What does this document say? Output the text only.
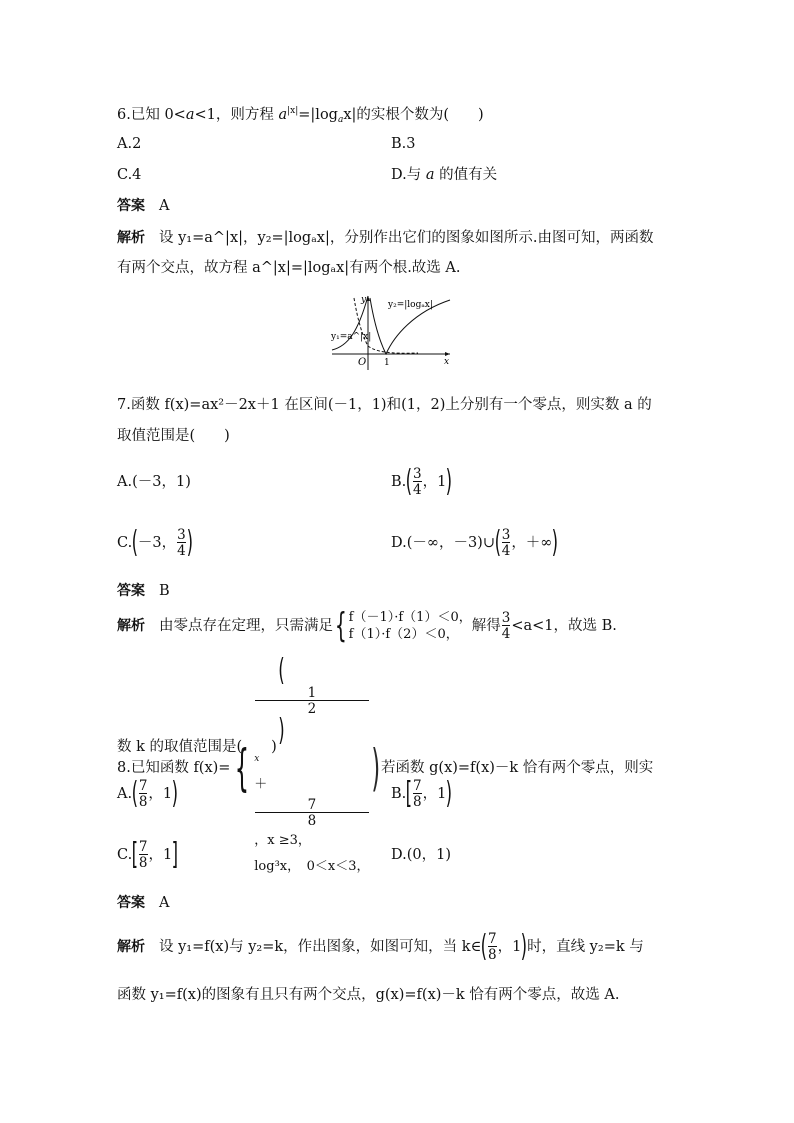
6.已知 0<a<1，则方程 $a^{|x|}=|\log_ax|$的实根个数为(　　)
A.2	B.3
C.4	D.与 a 的值有关
答案 A
解析 设 y₁=a^|x|，y₂=|logₐx|，分别作出它们的图象如图所示.由图可知，两函数
有两个交点，故方程 a^|x|=|logₐx|有两个根.故选 A.
y₂=|logₐx|
y₁=a^|x|
y
x
O 1
7.函数 f(x)=ax²－2x＋1 在区间(－1，1)和(1，2)上分别有一个零点，则实数 a 的
取值范围是(　　)
A.(－3，1)	$B.( \frac{3}{4}$ ，1)
C.(－3， $\frac{3}{4}$ )	D.(－∞，－3)∪( $\frac{3}{4}$ ，＋∞)
答案 B
解析 由零点存在定理，只需满足{ f（－1）·f（1）＜0，
f（1）·f（2）＜0，
解得 $\frac{3}{4} <a<1$，故选 B.
8.已知函数 f(x)={
(
1
2
)
x
＋
7
8
，x ≥3，
log³x，　0＜x＜3，
)若函数 g(x)=f(x)－k 恰有两个零点，则实
数 k 的取值范围是(　　)
$A.( \frac{7}{8}$ ，1)	$B.[ \frac{7}{8}$ ，1)
$C.[ \frac{7}{8}$ ，1]	D.(0，1)
答案 A
解析 设 y₁=f(x)与 y₂=k，作出图象，如图可知，当 k∈( $\frac{7}{8}$ ，1)时，直线 y₂=k 与
函数 y₁=f(x)的图象有且只有两个交点，g(x)=f(x)－k 恰有两个零点，故选 A.
